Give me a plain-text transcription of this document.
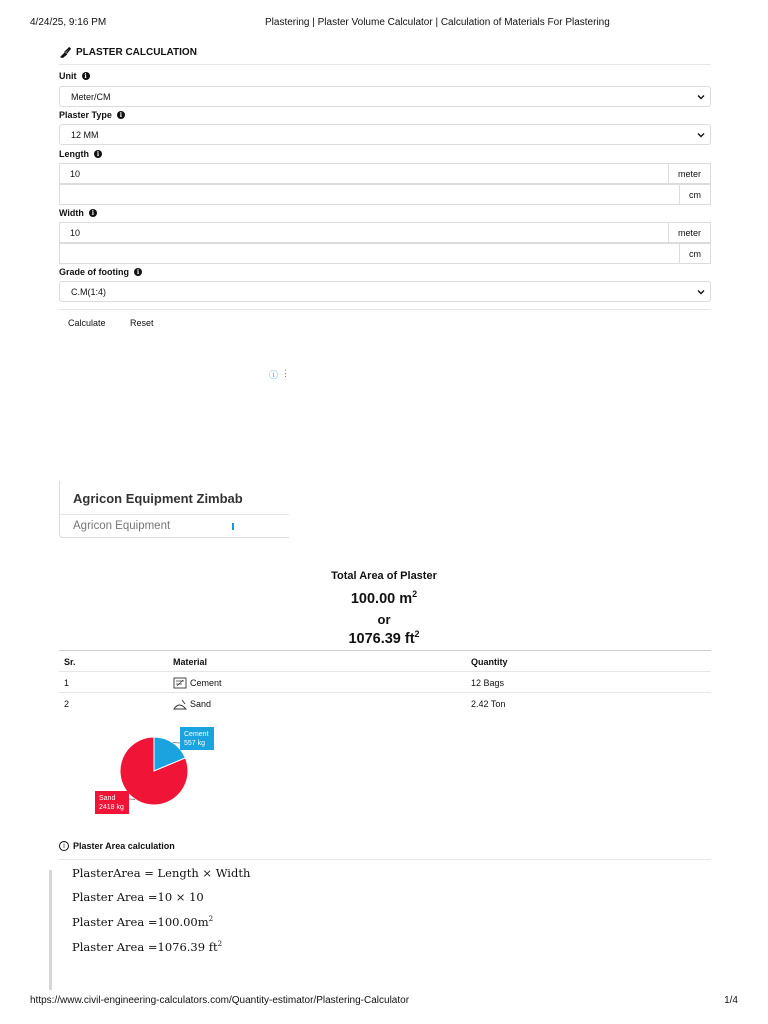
4/24/25, 9:16 PM	Plastering | Plaster Volume Calculator | Calculation of Materials For Plastering
PLASTER CALCULATION
Unit	i
Meter/CM
Plaster Type	i
12 MM
Length	i
10	meter
cm
Width	i
10	meter
cm
Grade of footing	i
C.M(1:4)
Calculate	Reset
ⓘ ⋮
Agricon Equipment Zimbab
Agricon Equipment
Total Area of Plaster
100.00 $m^2$
or
1076.39 $ft^2$
Sr.	Material	Quantity
1	Cement	12 Bags
2	Sand	2.42 Ton
Cement
557 kg
Sand
2418 kg
i Plaster Area calculation
PlasterArea = Length × Width
Plaster Area =10 × 10
Plaster Area $=100.00m^2$
Plaster Area =1076.39 $ft^2$
https://www.civil-engineering-calculators.com/Quantity-estimator/Plastering-Calculator	1/4
